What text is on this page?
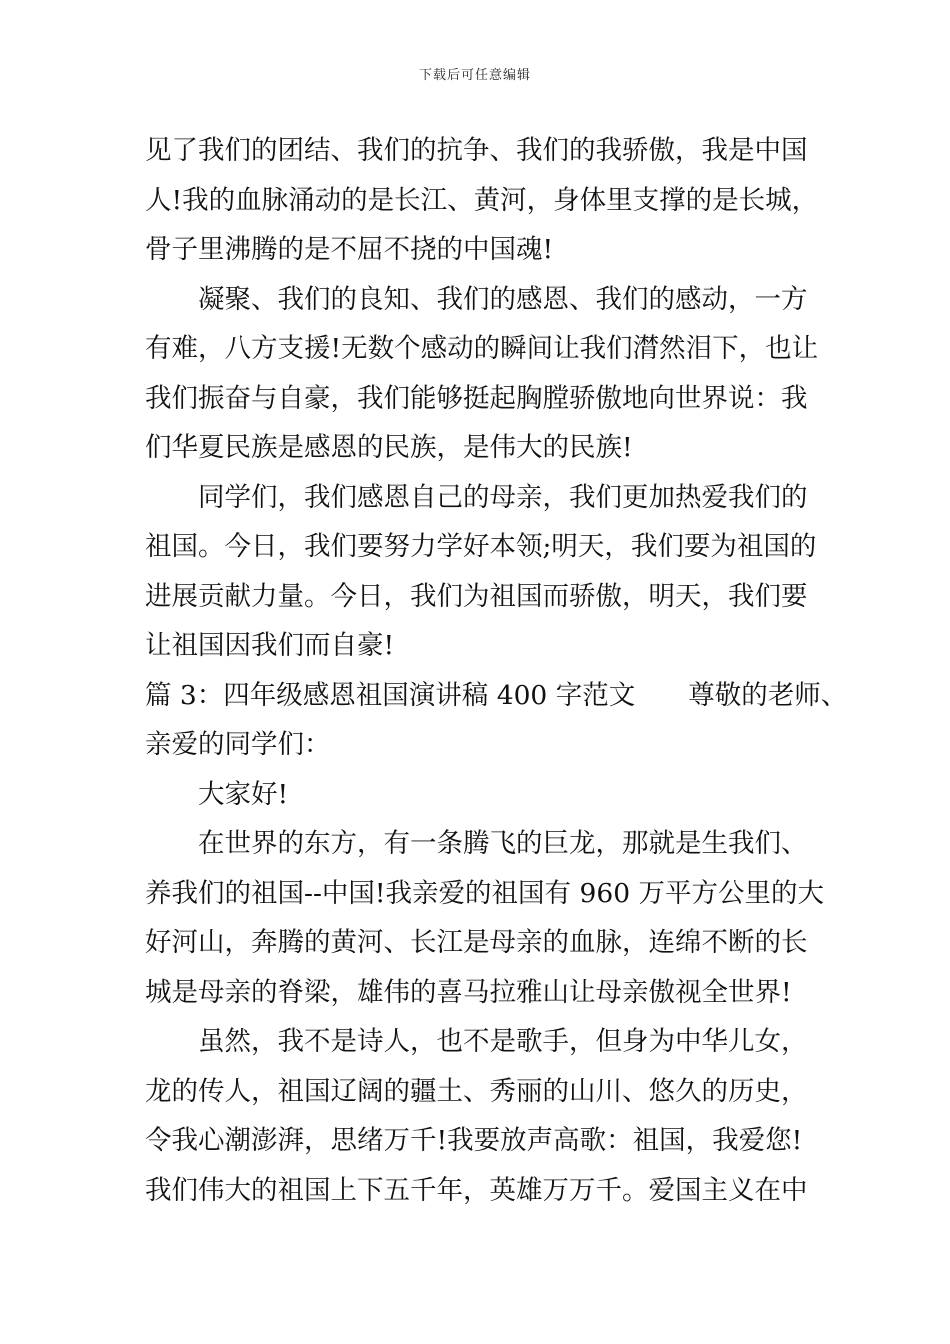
下载后可任意编辑
见了我们的团结、我们的抗争、我们的我骄傲，我是中国
人!我的血脉涌动的是长江、黄河，身体里支撑的是长城，
骨子里沸腾的是不屈不挠的中国魂!
凝聚、我们的良知、我们的感恩、我们的感动，一方
有难，八方支援!无数个感动的瞬间让我们潸然泪下，也让
我们振奋与自豪，我们能够挺起胸膛骄傲地向世界说：我
们华夏民族是感恩的民族，是伟大的民族!
同学们，我们感恩自己的母亲，我们更加热爱我们的
祖国。今日，我们要努力学好本领;明天，我们要为祖国的
进展贡献力量。今日，我们为祖国而骄傲，明天，我们要
让祖国因我们而自豪!
篇 3：四年级感恩祖国演讲稿 400 字范文　　尊敬的老师、
亲爱的同学们：
大家好!
在世界的东方，有一条腾飞的巨龙，那就是生我们、
养我们的祖国--中国!我亲爱的祖国有 960 万平方公里的大
好河山，奔腾的黄河、长江是母亲的血脉，连绵不断的长
城是母亲的脊梁，雄伟的喜马拉雅山让母亲傲视全世界!
虽然，我不是诗人，也不是歌手，但身为中华儿女，
龙的传人，祖国辽阔的疆土、秀丽的山川、悠久的历史，
令我心潮澎湃，思绪万千!我要放声高歌：祖国，我爱您!
我们伟大的祖国上下五千年，英雄万万千。爱国主义在中
